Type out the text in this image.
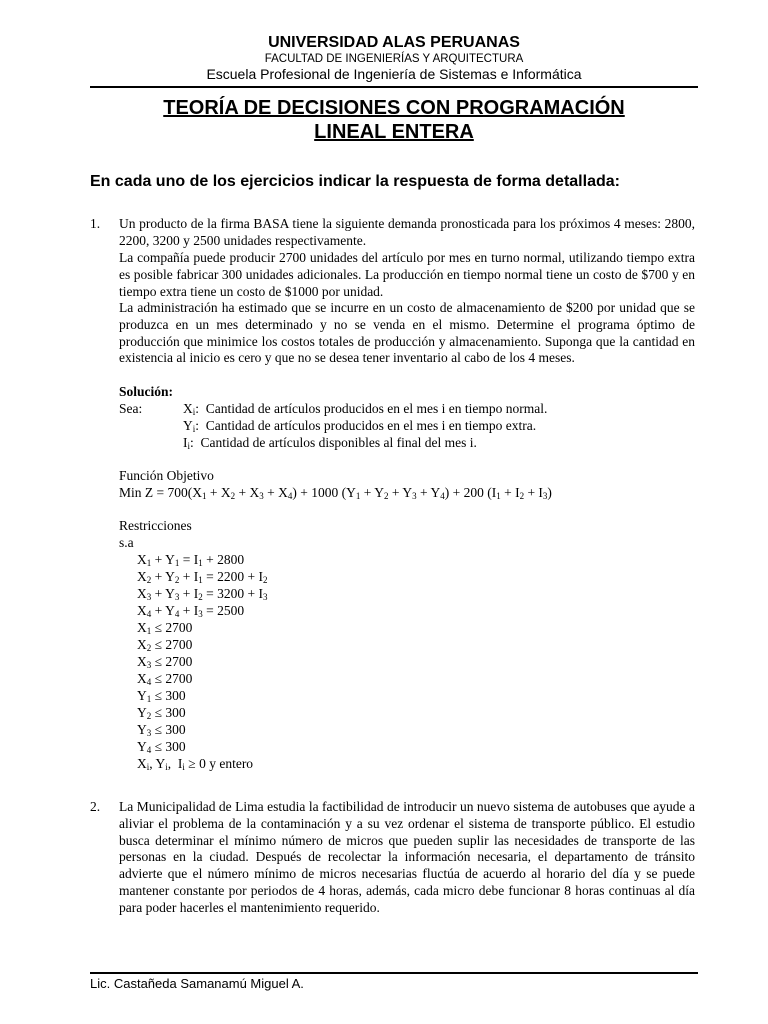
UNIVERSIDAD ALAS PERUANAS
FACULTAD DE INGENIERÍAS Y ARQUITECTURA
Escuela Profesional de Ingeniería de Sistemas e Informática
TEORÍA DE DECISIONES CON PROGRAMACIÓN
LINEAL ENTERA
En cada uno de los ejercicios indicar la respuesta de forma detallada:
1. Un producto de la firma BASA tiene la siguiente demanda pronosticada para los próximos 4 meses: 2800, 2200, 3200 y 2500 unidades respectivamente.
La compañía puede producir 2700 unidades del artículo por mes en turno normal, utilizando tiempo extra es posible fabricar 300 unidades adicionales. La producción en tiempo normal tiene un costo de $700 y en tiempo extra tiene un costo de $1000 por unidad.
La administración ha estimado que se incurre en un costo de almacenamiento de $200 por unidad que se produzca en un mes determinado y no se venda en el mismo. Determine el programa óptimo de producción que minimice los costos totales de producción y almacenamiento. Suponga que la cantidad en existencia al inicio es cero y que no se desea tener inventario al cabo de los 4 meses.
Solución:
Sea:	$X_i$:  Cantidad de artículos producidos en el mes i en tiempo normal.
$Y_i$:  Cantidad de artículos producidos en el mes i en tiempo extra.
$I_i$:  Cantidad de artículos disponibles al final del mes i.
Función Objetivo
Min $Z = 700(X_1 + X_2 + X_3 + X_4) + 1000$ $(Y_1 + Y_2 + Y_3 + Y_4) + 200$ $(I_1 + I_2 + I_3)$
Restricciones
s.a
$X_1 + Y_1 = I_1 + 2800$
$X_2 + Y_2 + I_1 = 2200 + I_2$
$X_3 + Y_3 + I_2 = 3200 + I_3$
$X_4 + Y_4 + I_3 = 2500$
$X_1 \le 2700$
$X_2 \le 2700$
$X_3 \le 2700$
$X_4 \le 2700$
$Y_1 \le 300$
$Y_2 \le 300$
$Y_3 \le 300$
$Y_4 \le 300$
$X_i$, $Y_i$,  $I_i \ge 0$ y entero
2. La Municipalidad de Lima estudia la factibilidad de introducir un nuevo sistema de autobuses que ayude a aliviar el problema de la contaminación y a su vez ordenar el sistema de transporte público. El estudio busca determinar el mínimo número de micros que pueden suplir las necesidades de transporte de las personas en la ciudad. Después de recolectar la información necesaria, el departamento de tránsito advierte que el número mínimo de micros necesarias fluctúa de acuerdo al horario del día y se puede mantener constante por periodos de 4 horas, además, cada micro debe funcionar 8 horas continuas al día para poder hacerles el mantenimiento requerido.
Lic. Castañeda Samanamú Miguel A.
